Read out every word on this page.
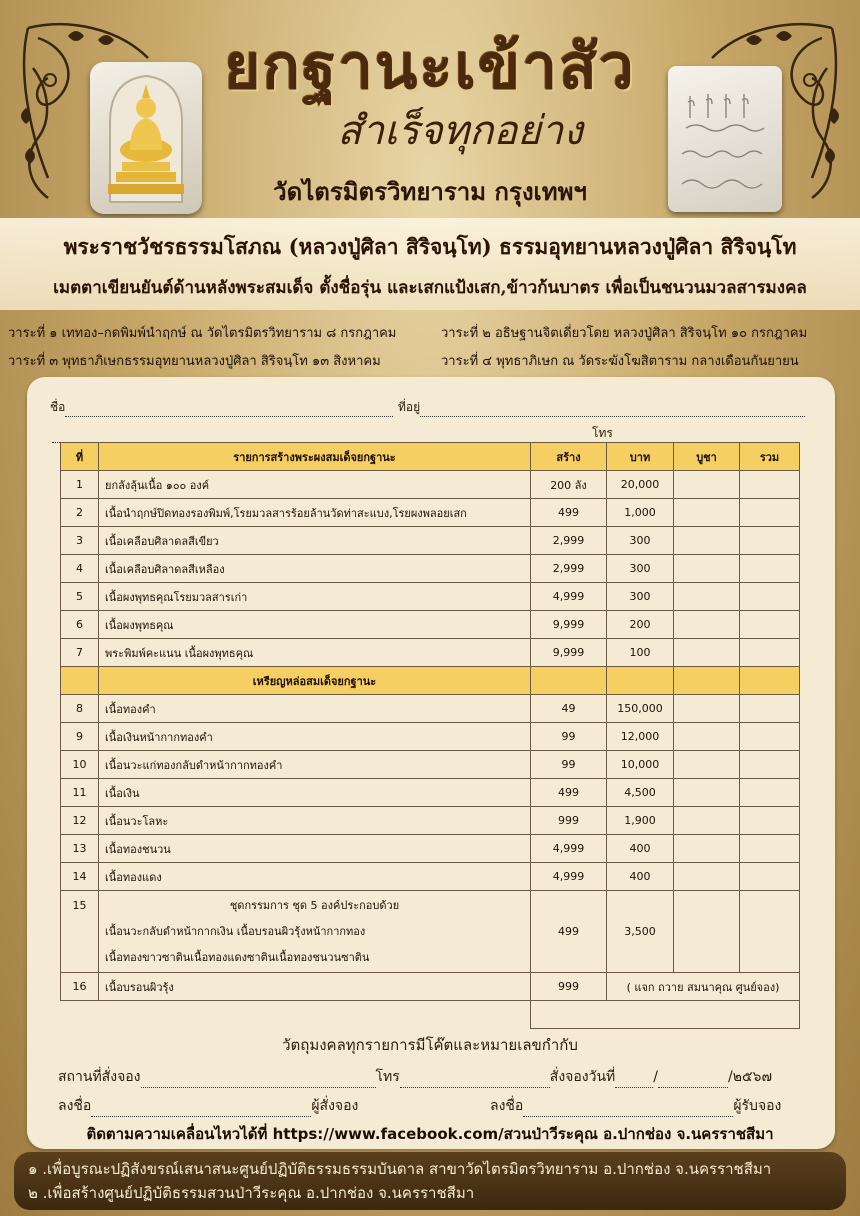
ยกฐานะเข้าสัว
สำเร็จทุกอย่าง
วัดไตรมิตรวิทยาราม กรุงเทพฯ
พระราชวัชรธรรมโสภณ (หลวงปู่ศิลา สิริจนฺโท) ธรรมอุทยานหลวงปู่ศิลา สิริจนฺโท
เมตตาเขียนยันต์ด้านหลังพระสมเด็จ ตั้งชื่อรุ่น และเสกแป้งเสก,ข้าวก้นบาตร เพื่อเป็นชนวนมวลสารมงคล
วาระที่ ๑ เททอง–กดพิมพ์นำฤกษ์ ณ วัดไตรมิตรวิทยาราม ๘ กรกฎาคม	วาระที่ ๒ อธิษฐานจิตเดี่ยวโดย หลวงปู่ศิลา สิริจนฺโท ๑๐ กรกฎาคม
วาระที่ ๓ พุทธาภิเษกธรรมอุทยานหลวงปู่ศิลา สิริจนฺโท ๑๓ สิงหาคม	วาระที่ ๔ พุทธาภิเษก ณ วัดระฆังโฆสิตาราม กลางเดือนกันยายน
ชื่อ	ที่อยู่
โทร
ที่	รายการสร้างพระผงสมเด็จยกฐานะ	สร้าง	บาท	บูชา	รวม
1	ยกลังลุ้นเนื้อ ๑๐๐ องค์	200 ลัง	20,000		
2	เนื้อนำฤกษ์ปิดทองรองพิมพ์,โรยมวลสารร้อยล้านวัดท่าสะแบง,โรยผงพลอยเสก	499	1,000		
3	เนื้อเคลือบศิลาดลสีเขียว	2,999	300		
4	เนื้อเคลือบศิลาดลสีเหลือง	2,999	300		
5	เนื้อผงพุทธคุณโรยมวลสารเก่า	4,999	300		
6	เนื้อผงพุทธคุณ	9,999	200		
7	พระพิมพ์คะแนน เนื้อผงพุทธคุณ	9,999	100		
	เหรียญหล่อสมเด็จยกฐานะ				
8	เนื้อทองคำ	49	150,000		
9	เนื้อเงินหน้ากากทองคำ	99	12,000		
10	เนื้อนวะแก่ทองกลับดำหน้ากากทองคำ	99	10,000		
11	เนื้อเงิน	499	4,500		
12	เนื้อนวะโลหะ	999	1,900		
13	เนื้อทองชนวน	4,999	400		
14	เนื้อทองแดง	4,999	400		
15	ชุดกรรมการ ชุด 5 องค์ประกอบด้วย
เนื้อนวะกลับดำหน้ากากเงิน เนื้อบรอนผิวรุ้งหน้ากากทอง
เนื้อทองขาวซาตินเนื้อทองแดงซาตินเนื้อทองชนวนซาติน	499	3,500		
16	เนื้อบรอนผิวรุ้ง	999	( แจก ถวาย สมนาคุณ ศูนย์จอง)		

วัตถุมงคลทุกรายการมีโค๊ตและหมายเลขกำกับ
สถานที่สั่งจอง	โทร	สั่งจองวันที่	/	/๒๕๖๗
ลงชื่อ	ผู้สั่งจอง	ลงชื่อ	ผู้รับจอง
ติดตามความเคลื่อนไหวได้ที่ https://www.facebook.com/สวนป่าวีระคุณ อ.ปากช่อง จ.นครราชสีมา
๑ .เพื่อบูรณะปฏิสังขรณ์เสนาสนะศูนย์ปฏิบัติธรรมธรรมบันดาล สาขาวัดไตรมิตรวิทยาราม อ.ปากช่อง จ.นครราชสีมา
๒ .เพื่อสร้างศูนย์ปฏิบัติธรรมสวนป่าวีระคุณ อ.ปากช่อง จ.นครราชสีมา
